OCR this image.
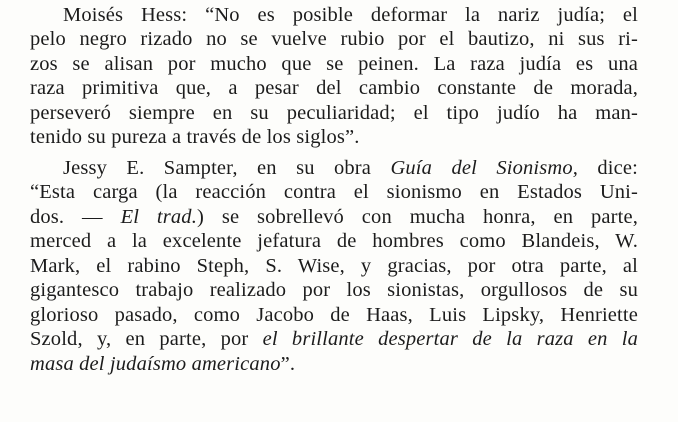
Moisés Hess: “No es posible deformar la nariz judía; el
pelo negro rizado no se vuelve rubio por el bautizo, ni sus ri-
zos se alisan por mucho que se peinen. La raza judía es una
raza primitiva que, a pesar del cambio constante de morada,
perseveró siempre en su peculiaridad; el tipo judío ha man-
tenido su pureza a través de los siglos”.
Jessy E. Sampter, en su obra Guía del Sionismo, dice:
“Esta carga (la reacción contra el sionismo en Estados Uni-
dos. — El trad.) se sobrellevó con mucha honra, en parte,
merced a la excelente jefatura de hombres como Blandeis, W.
Mark, el rabino Steph, S. Wise, y gracias, por otra parte, al
gigantesco trabajo realizado por los sionistas, orgullosos de su
glorioso pasado, como Jacobo de Haas, Luis Lipsky, Henriette
Szold, y, en parte, por el brillante despertar de la raza en la
masa del judaísmo americano”.
